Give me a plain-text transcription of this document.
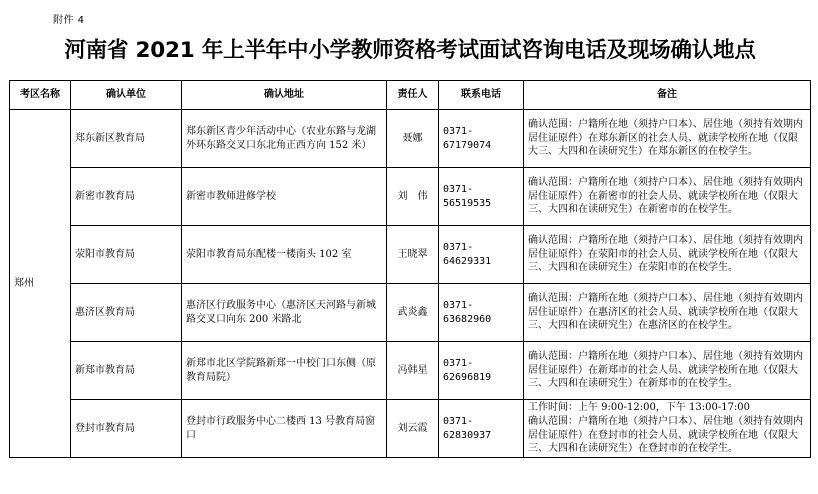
附件 4
河南省 2021 年上半年中小学教师资格考试面试咨询电话及现场确认地点
考区名称	确认单位	确认地址	责任人	联系电话	备注
郑州	郑东新区教育局	郑东新区青少年活动中心（农业东路与龙湖外环东路交叉口东北角正西方向 152 米）	聂娜	0371-67179074	确认范围：户籍所在地（须持户口本）、居住地（须持有效期内居住证原件）在郑东新区的社会人员、就读学校所在地（仅限大三、大四和在读研究生）在郑东新区的在校学生。
	新密市教育局	新密市教师进修学校	刘　伟	0371-56519535	确认范围：户籍所在地（须持户口本）、居住地（须持有效期内居住证原件）在新密市的社会人员、就读学校所在地（仅限大三、大四和在读研究生）在新密市的在校学生。
	荥阳市教育局	荥阳市教育局东配楼一楼南头 102 室	王晓翠	0371-64629331	确认范围：户籍所在地（须持户口本）、居住地（须持有效期内居住证原件）在荥阳市的社会人员、就读学校所在地（仅限大三、大四和在读研究生）在荥阳市的在校学生。
	惠济区教育局	惠济区行政服务中心（惠济区天河路与新城路交叉口向东 200 米路北	武炎鑫	0371-63682960	确认范围：户籍所在地（须持户口本）、居住地（须持有效期内居住证原件）在惠济区的社会人员、就读学校所在地（仅限大三、大四和在读研究生）在惠济区的在校学生。
	新郑市教育局	新郑市北区学院路新郑一中校门口东侧（原教育局院）	冯韩星	0371-62696819	确认范围：户籍所在地（须持户口本）、居住地（须持有效期内居住证原件）在新郑市的社会人员、就读学校所在地（仅限大三、大四和在读研究生）在新郑市的在校学生。
	登封市教育局	登封市行政服务中心二楼西 13 号教育局窗口	刘云霞	0371-62830937	工作时间：上午 9:00-12:00，下午 13:00-17:00
确认范围：户籍所在地（须持户口本）、居住地（须持有效期内居住证原件）在登封市的社会人员、就读学校所在地（仅限大三、大四和在读研究生）在登封市的在校学生。
